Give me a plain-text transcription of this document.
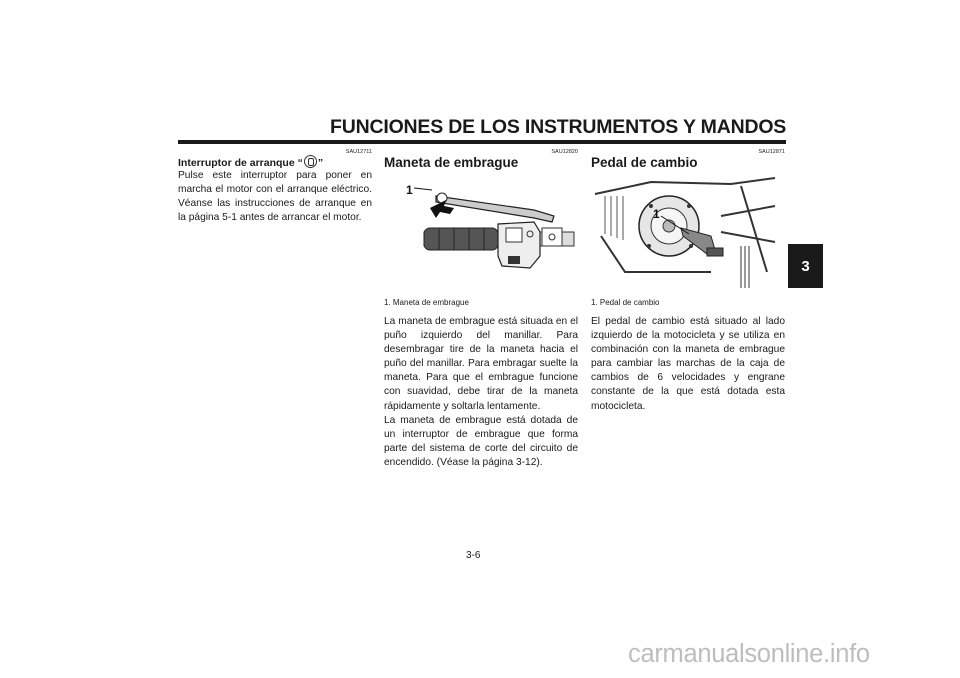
FUNCIONES DE LOS INSTRUMENTOS Y MANDOS
3
SAU12711
Interruptor de arranque “ ”

Pulse este interruptor para poner en marcha el motor con el arranque eléctrico. Véanse las instrucciones de arranque en la página 5-1 antes de arrancar el motor.

SAU12820
Maneta de embrague
1
1. Maneta de embrague

La maneta de embrague está situada en el puño izquierdo del manillar. Para desembragar tire de la maneta hacia el puño del manillar. Para embragar suelte la maneta. Para que el embrague funcione con suavidad, debe tirar de la maneta rápidamente y soltarla lentamente.

La maneta de embrague está dotada de un interruptor de embrague que forma parte del sistema de corte del circuito de encendido. (Véase la página 3-12).

SAU12871
Pedal de cambio
1
1. Pedal de cambio

El pedal de cambio está situado al lado izquierdo de la motocicleta y se utiliza en combinación con la maneta de embrague para cambiar las marchas de la caja de cambios de 6 velocidades y engrane constante de la que está dotada esta motocicleta.

3-6
carmanualsonline.info
